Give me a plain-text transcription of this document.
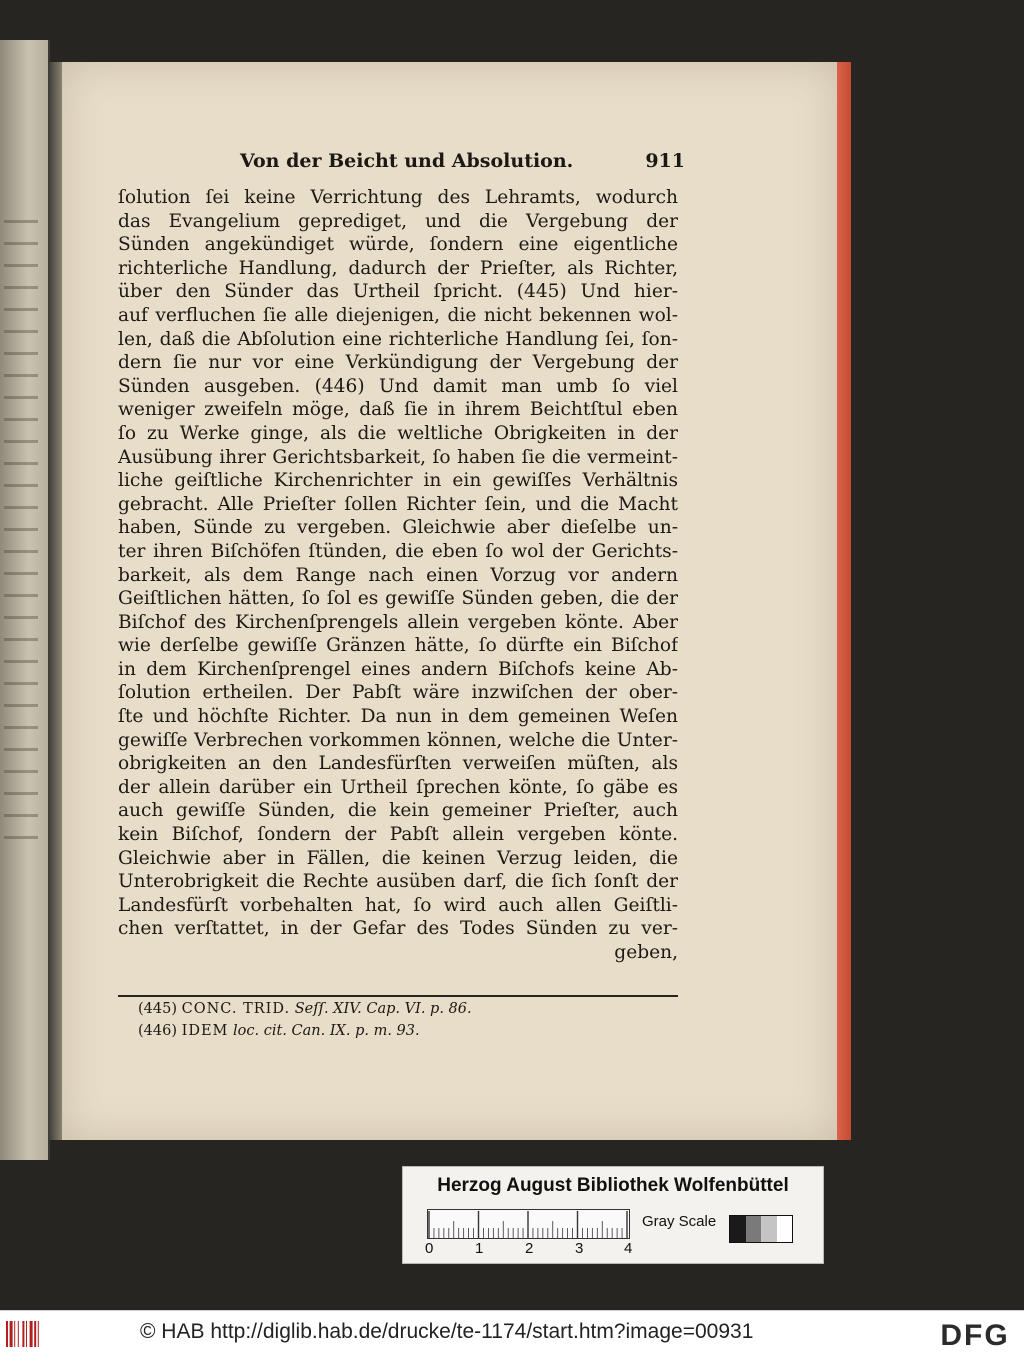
Von der Beicht und Absolution.	911
ſolution ſei keine Verrichtung des Lehramts, wodurch
das Evangelium geprediget, und die Vergebung der
Sünden angekündiget würde, ſondern eine eigentliche
richterliche Handlung, dadurch der Prieſter, als Richter,
über den Sünder das Urtheil ſpricht. (445) Und hier-
auf verfluchen ſie alle diejenigen, die nicht bekennen wol-
len, daß die Abſolution eine richterliche Handlung ſei, ſon-
dern ſie nur vor eine Verkündigung der Vergebung der
Sünden ausgeben. (446) Und damit man umb ſo viel
weniger zweifeln möge, daß ſie in ihrem Beichtſtul eben
ſo zu Werke ginge, als die weltliche Obrigkeiten in der
Ausübung ihrer Gerichtsbarkeit, ſo haben ſie die vermeint-
liche geiſtliche Kirchenrichter in ein gewiſſes Verhältnis
gebracht. Alle Prieſter ſollen Richter ſein, und die Macht
haben, Sünde zu vergeben. Gleichwie aber dieſelbe un-
ter ihren Biſchöfen ſtünden, die eben ſo wol der Gerichts-
barkeit, als dem Range nach einen Vorzug vor andern
Geiſtlichen hätten, ſo ſol es gewiſſe Sünden geben, die der
Biſchof des Kirchenſprengels allein vergeben könte. Aber
wie derſelbe gewiſſe Gränzen hätte, ſo dürfte ein Biſchof
in dem Kirchenſprengel eines andern Biſchofs keine Ab-
ſolution ertheilen. Der Pabſt wäre inzwiſchen der ober-
ſte und höchſte Richter. Da nun in dem gemeinen Weſen
gewiſſe Verbrechen vorkommen können, welche die Unter-
obrigkeiten an den Landesfürſten verweiſen müſten, als
der allein darüber ein Urtheil ſprechen könte, ſo gäbe es
auch gewiſſe Sünden, die kein gemeiner Prieſter, auch
kein Biſchof, ſondern der Pabſt allein vergeben könte.
Gleichwie aber in Fällen, die keinen Verzug leiden, die
Unterobrigkeit die Rechte ausüben darf, die ſich ſonſt der
Landesfürſt vorbehalten hat, ſo wird auch allen Geiſtli-
chen verſtattet, in der Gefar des Todes Sünden zu ver-
geben,
(445) CONC. TRID. Seſſ. XIV. Cap. VI. p. 86.
(446) IDEM loc. cit. Can. IX. p. m. 93.
Herzog August Bibliothek Wolfenbüttel
0	1	2	3	4
Gray Scale
© HAB http://diglib.hab.de/drucke/te-1174/start.htm?image=00931	DFG
